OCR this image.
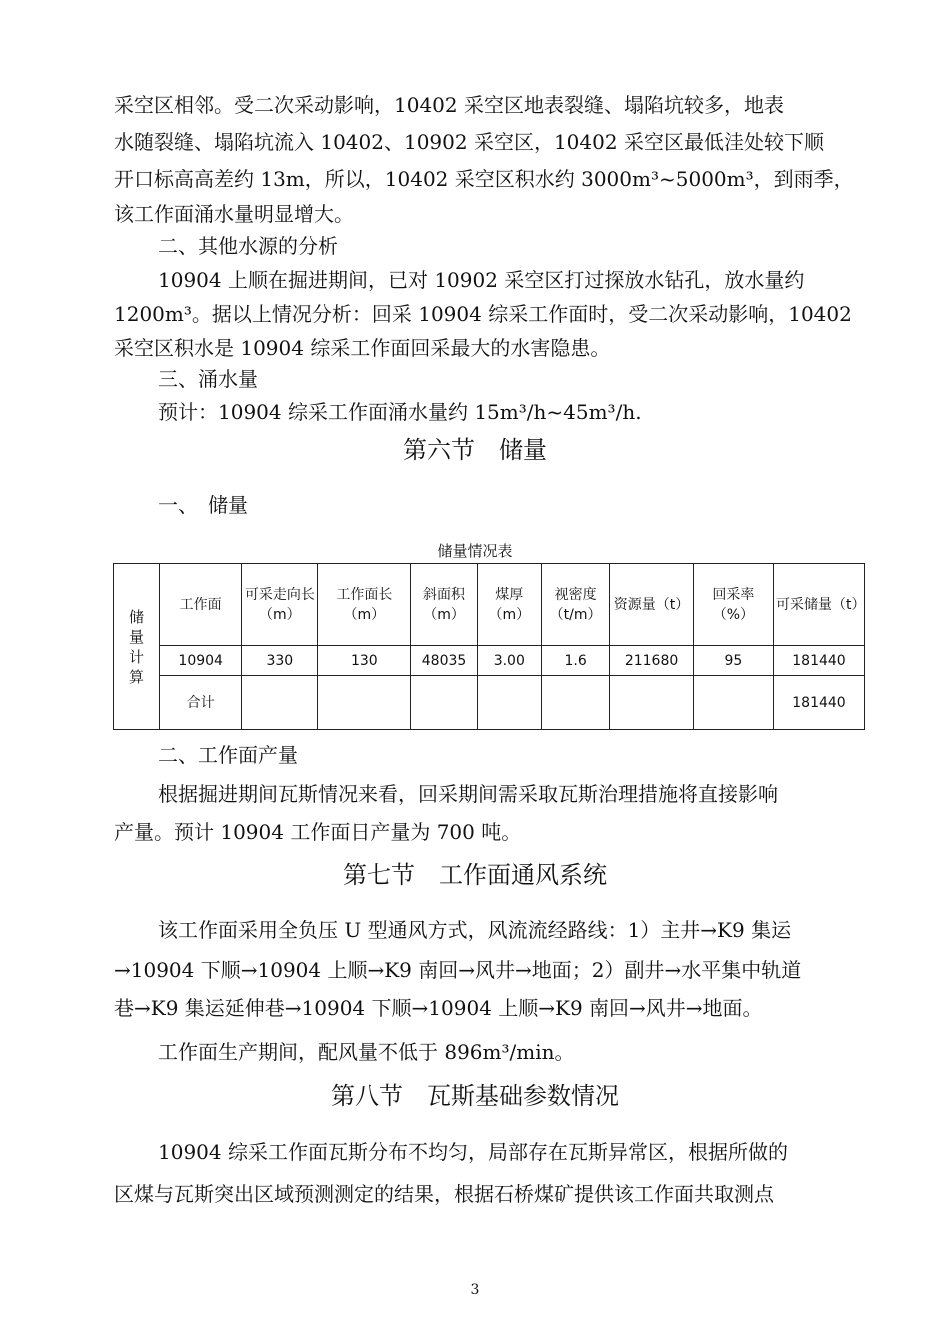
采空区相邻。受二次采动影响，10402 采空区地表裂缝、塌陷坑较多，地表
水随裂缝、塌陷坑流入 10402、10902 采空区，10402 采空区最低洼处较下顺
开口标高高差约 13m，所以，10402 采空区积水约 3000m³~5000m³，到雨季，
该工作面涌水量明显增大。
二、其他水源的分析
10904 上顺在掘进期间，已对 10902 采空区打过探放水钻孔，放水量约
1200m³。据以上情况分析：回采 10904 综采工作面时，受二次采动影响，10402
采空区积水是 10904 综采工作面回采最大的水害隐患。
三、涌水量
预计：10904 综采工作面涌水量约 15m³/h~45m³/h.
第六节　储量
一、　储量
储量情况表
储
量
计
算	工作面	可采走向长（m）	工作面长（m）	斜面积（m）	煤厚（m）	视密度（t/m）	资源量（t）	回采率（%）	可采储量（t）
	10904	330	130	48035	3.00	1.6	211680	95	181440
	合计								181440
二、工作面产量
根据掘进期间瓦斯情况来看，回采期间需采取瓦斯治理措施将直接影响
产量。预计 10904 工作面日产量为 700 吨。
第七节　工作面通风系统
该工作面采用全负压 U 型通风方式，风流流经路线：1）主井→K9 集运
→10904 下顺→10904 上顺→K9 南回→风井→地面；2）副井→水平集中轨道
巷→K9 集运延伸巷→10904 下顺→10904 上顺→K9 南回→风井→地面。
工作面生产期间，配风量不低于 896m³/min。
第八节　瓦斯基础参数情况
10904 综采工作面瓦斯分布不均匀，局部存在瓦斯异常区，根据所做的
区煤与瓦斯突出区域预测测定的结果，根据石桥煤矿提供该工作面共取测点
3
